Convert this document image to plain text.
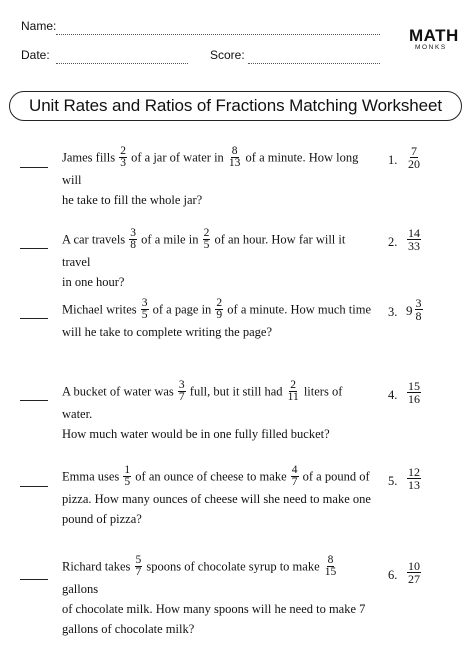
Name:
Date:	Score:
MATH
MONKS
Unit Rates and Ratios of Fractions Matching Worksheet
James fills $\frac{2}{3}$ of a jar of water in $\frac{8}{13}$ of a minute. How long will
he take to fill the whole jar?
A car travels $\frac{3}{8}$ of a mile in $\frac{2}{5}$ of an hour. How far will it travel
in one hour?
Michael writes $\frac{3}{5}$ of a page in $\frac{2}{9}$ of a minute. How much time
will he take to complete writing the page?
A bucket of water was $\frac{3}{7}$ full, but it still had $\frac{2}{11}$ liters of water.
How much water would be in one fully filled bucket?
Emma uses $\frac{1}{5}$ of an ounce of cheese to make $\frac{4}{7}$ of a pound of
pizza. How many ounces of cheese will she need to make one
pound of pizza?
Richard takes $\frac{5}{7}$ spoons of chocolate syrup to make $\frac{8}{15}$
gallons
of chocolate milk. How many spoons will he need to make 7
gallons of chocolate milk?
1. $\frac{7}{20}$
2. $\frac{14}{33}$
3. $9 \frac{3}{8}$
4. $\frac{15}{16}$
5. $\frac{12}{13}$
6. $\frac{10}{27}$
